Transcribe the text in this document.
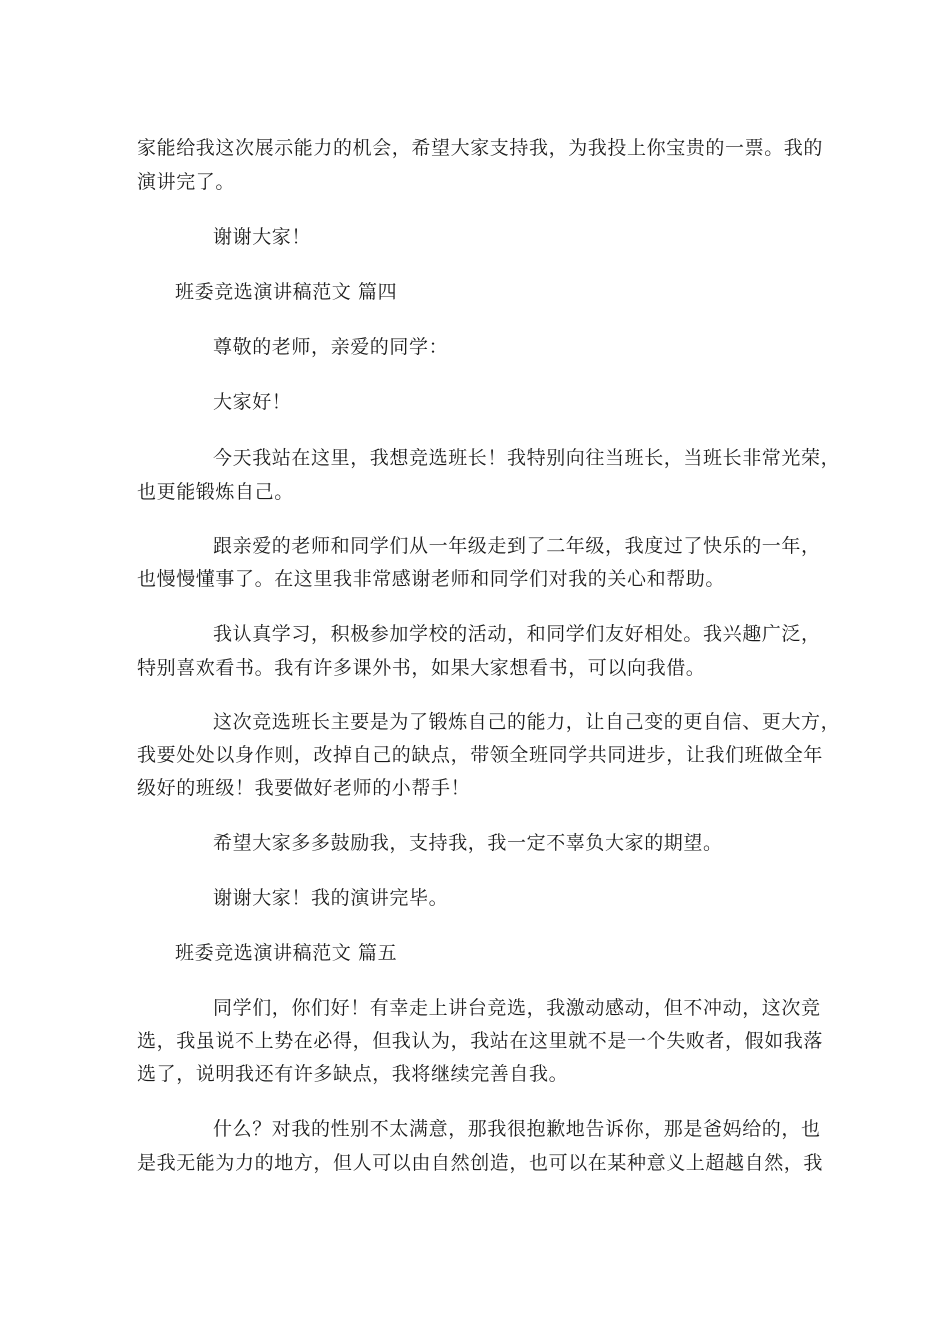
家能给我这次展示能力的机会，希望大家支持我，为我投上你宝贵的一票。我的
演讲完了。
谢谢大家！
班委竞选演讲稿范文 篇四
尊敬的老师，亲爱的同学：
大家好！
今天我站在这里，我想竞选班长！我特别向往当班长，当班长非常光荣，
也更能锻炼自己。
跟亲爱的老师和同学们从一年级走到了二年级，我度过了快乐的一年，
也慢慢懂事了。在这里我非常感谢老师和同学们对我的关心和帮助。
我认真学习，积极参加学校的活动，和同学们友好相处。我兴趣广泛，
特别喜欢看书。我有许多课外书，如果大家想看书，可以向我借。
这次竞选班长主要是为了锻炼自己的能力，让自己变的更自信、更大方，
我要处处以身作则，改掉自己的缺点，带领全班同学共同进步，让我们班做全年
级好的班级！我要做好老师的小帮手！
希望大家多多鼓励我，支持我，我一定不辜负大家的期望。
谢谢大家！我的演讲完毕。
班委竞选演讲稿范文 篇五
同学们，你们好！有幸走上讲台竞选，我激动感动，但不冲动，这次竞
选，我虽说不上势在必得，但我认为，我站在这里就不是一个失败者，假如我落
选了，说明我还有许多缺点，我将继续完善自我。
什么？对我的性别不太满意，那我很抱歉地告诉你，那是爸妈给的，也
是我无能为力的地方，但人可以由自然创造，也可以在某种意义上超越自然，我
